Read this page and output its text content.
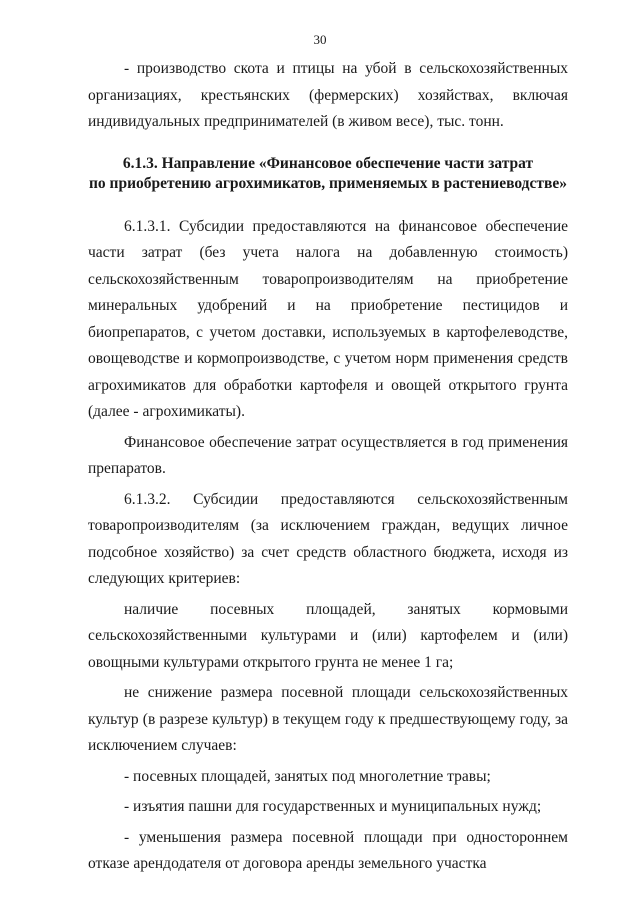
30

- производство скота и птицы на убой в сельскохозяйственных организациях, крестьянских (фермерских) хозяйствах, включая индивидуальных предпринимателей (в живом весе), тыс. тонн.

6.1.3. Направление «Финансовое обеспечение части затрат
по приобретению агрохимикатов, применяемых в растениеводстве»

6.1.3.1. Субсидии предоставляются на финансовое обеспечение части затрат (без учета налога на добавленную стоимость) сельскохозяйственным товаропроизводителям на приобретение минеральных удобрений и на приобретение пестицидов и биопрепаратов, с учетом доставки, используемых в картофелеводстве, овощеводстве и кормопроизводстве, с учетом норм применения средств агрохимикатов для обработки картофеля и овощей открытого грунта (далее - агрохимикаты).

Финансовое обеспечение затрат осуществляется в год применения препаратов.

6.1.3.2. Субсидии предоставляются сельскохозяйственным товаропроизводителям (за исключением граждан, ведущих личное подсобное хозяйство) за счет средств областного бюджета, исходя из следующих критериев:

наличие посевных площадей, занятых кормовыми сельскохозяйственными культурами и (или) картофелем и (или) овощными культурами открытого грунта не менее 1 га;

не снижение размера посевной площади сельскохозяйственных культур (в разрезе культур) в текущем году к предшествующему году, за исключением случаев:

- посевных площадей, занятых под многолетние травы;

- изъятия пашни для государственных и муниципальных нужд;

- уменьшения размера посевной площади при одностороннем отказе арендодателя от договора аренды земельного участка
